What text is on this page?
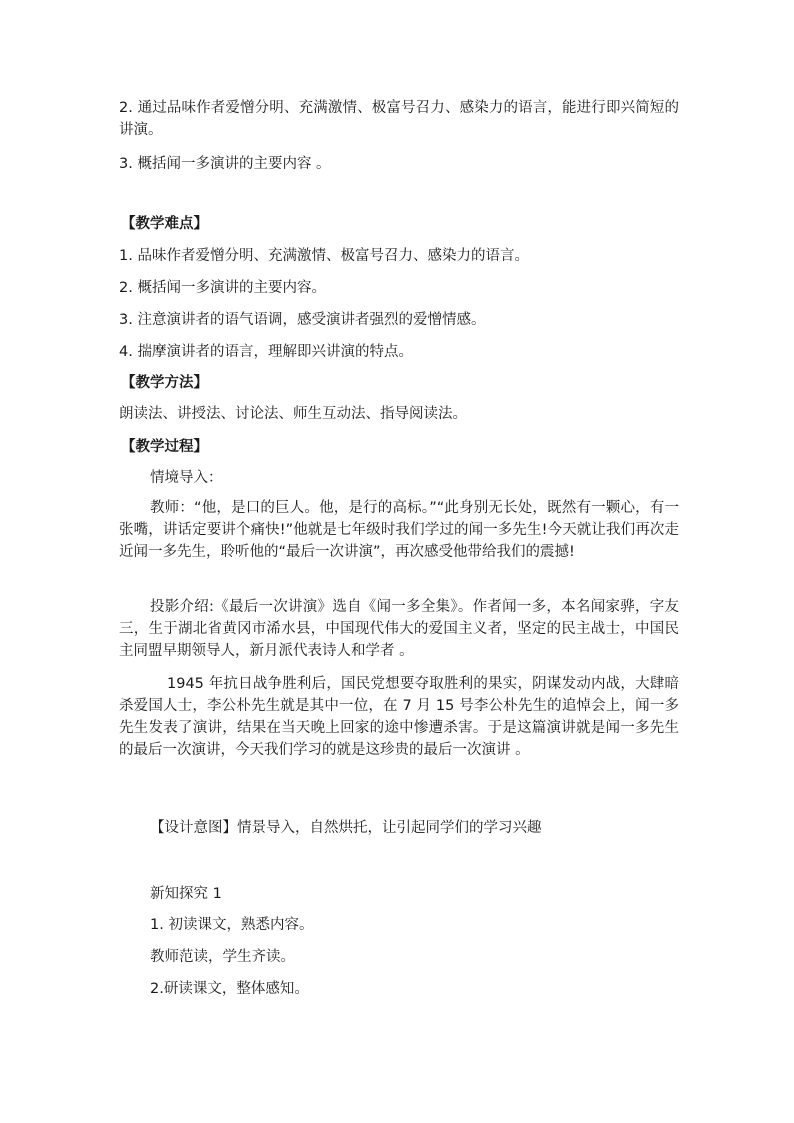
2. 通过品味作者爱憎分明、充满激情、极富号召力、感染力的语言，能进行即兴简短的讲演。

3. 概括闻一多演讲的主要内容 。

【教学难点】

1. 品味作者爱憎分明、充满激情、极富号召力、感染力的语言。

2. 概括闻一多演讲的主要内容。

3. 注意演讲者的语气语调，感受演讲者强烈的爱憎情感。

4. 揣摩演讲者的语言，理解即兴讲演的特点。

【教学方法】

朗读法、讲授法、讨论法、师生互动法、指导阅读法。

【教学过程】

情境导入：

教师：“他，是口的巨人。他，是行的高标。”“此身别无长处，既然有一颗心，有一张嘴，讲话定要讲个痛快!”他就是七年级时我们学过的闻一多先生!今天就让我们再次走近闻一多先生，聆听他的“最后一次讲演”，再次感受他带给我们的震撼!

投影介绍:《最后一次讲演》选自《闻一多全集》。作者闻一多，本名闻家骅，字友三，生于湖北省黄冈市浠水县，中国现代伟大的爱国主义者，坚定的民主战士，中国民主同盟早期领导人，新月派代表诗人和学者 。

1945 年抗日战争胜利后，国民党想要夺取胜利的果实，阴谋发动内战，大肆暗杀爱国人士，李公朴先生就是其中一位，在 7 月 15 号李公朴先生的追悼会上，闻一多先生发表了演讲，结果在当天晚上回家的途中惨遭杀害。于是这篇演讲就是闻一多先生的最后一次演讲，今天我们学习的就是这珍贵的最后一次演讲 。

【设计意图】情景导入，自然烘托，让引起同学们的学习兴趣

新知探究 1

1. 初读课文，熟悉内容。

教师范读，学生齐读。

2.研读课文，整体感知。
